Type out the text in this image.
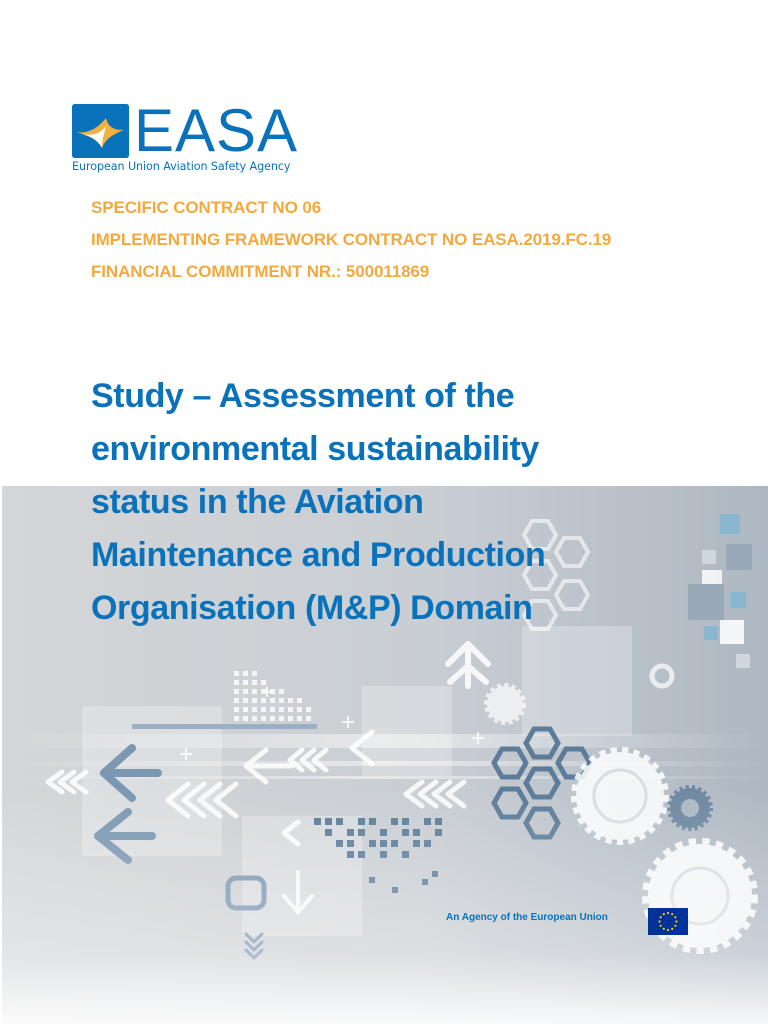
EASA
European Union Aviation Safety Agency
SPECIFIC CONTRACT NO 06
IMPLEMENTING FRAMEWORK CONTRACT NO EASA.2019.FC.19
FINANCIAL COMMITMENT NR.: 500011869
Study – Assessment of the
environmental sustainability
status in the Aviation
Maintenance and Production
Organisation (M&P) Domain
An Agency of the European Union
